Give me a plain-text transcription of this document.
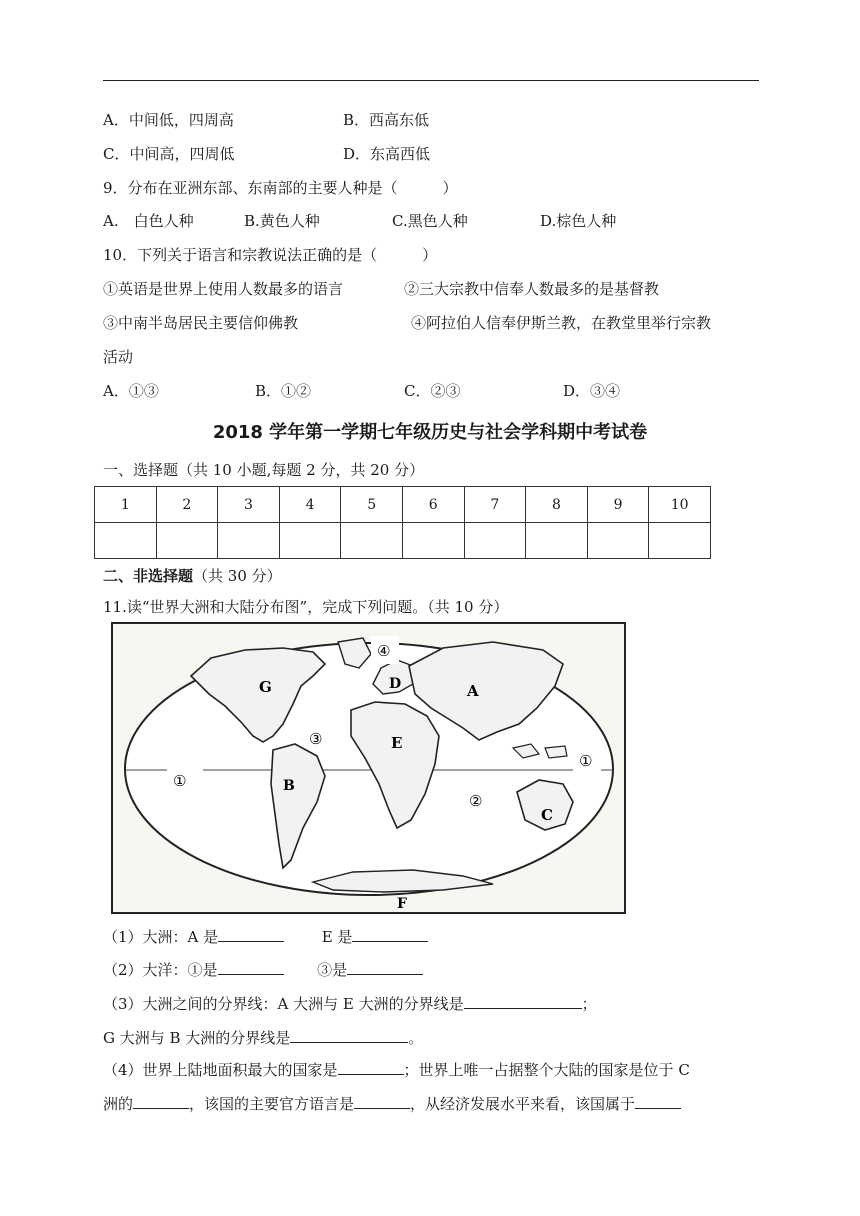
A．中间低，四周高	B．西高东低
C．中间高，四周低	D．东高西低
9．分布在亚洲东部、东南部的主要人种是（　　　）
A.　白色人种	B.黄色人种	C.黑色人种	D.棕色人种
10．下列关于语言和宗教说法正确的是（　　　）
①英语是世界上使用人数最多的语言	②三大宗教中信奉人数最多的是基督教
③中南半岛居民主要信仰佛教	④阿拉伯人信奉伊斯兰教，在教堂里举行宗教
活动
A．①③	B．①②	C．②③	D．③④
2018 学年第一学期七年级历史与社会学科期中考试卷
一、选择题（共 10 小题,每题 2 分，共 20 分）
1	2	3	4	5	6	7	8	9	10

二、非选择题（共 30 分）
11.读“世界大洲和大陆分布图”，完成下列问题。（共 10 分）
G	A
D
E
B
C
F
④
③
①
①
②
（1）大洲：A 是	E 是
（2）大洋：①是	③是
（3）大洲之间的分界线：A 大洲与 E 大洲的分界线是	；
G 大洲与 B 大洲的分界线是	。
（4）世界上陆地面积最大的国家是	；世界上唯一占据整个大陆的国家是位于 C
洲的	，该国的主要官方语言是	，从经济发展水平来看，该国属于
